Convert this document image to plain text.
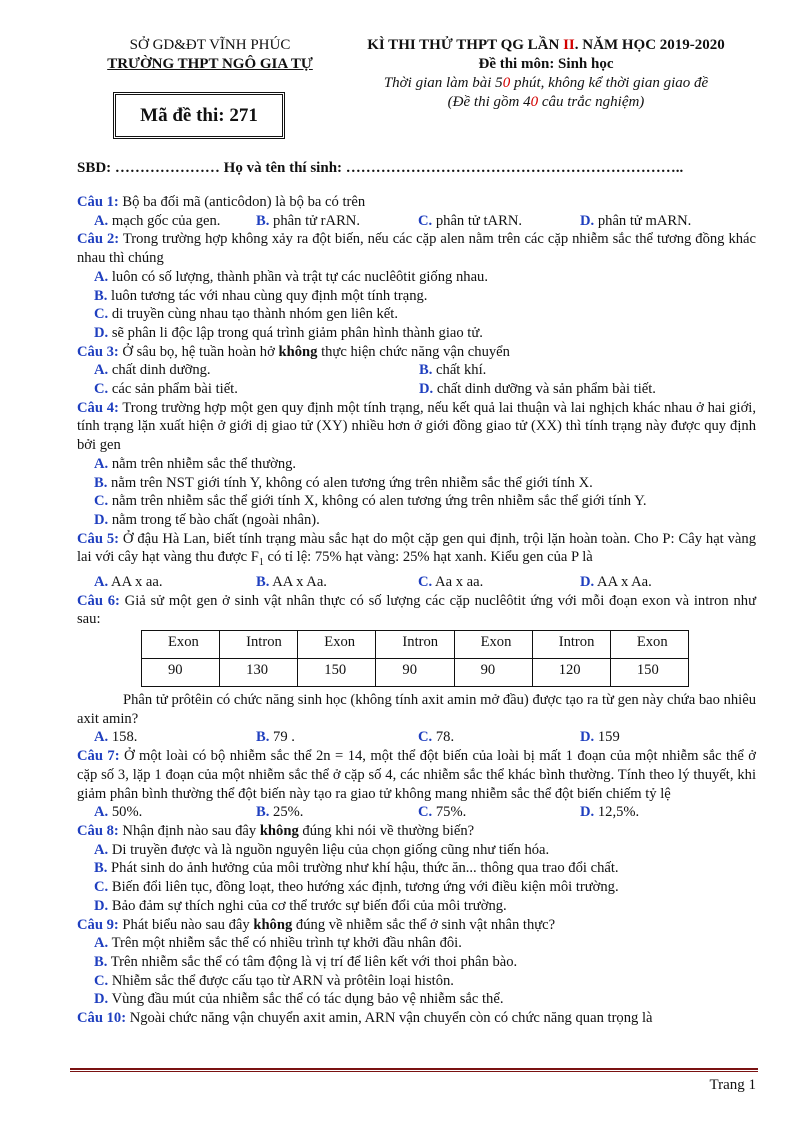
SỞ GD&ĐT VĨNH PHÚC
TRƯỜNG THPT NGÔ GIA TỰ
Mã đề thi: 271
KÌ THI THỬ THPT QG LẦN II. NĂM HỌC 2019-2020
Đề thi môn: Sinh học
Thời gian làm bài 50 phút, không kể thời gian giao đề
(Đề thi gồm 40 câu trắc nghiệm)
SBD: ………………… Họ và tên thí sinh: …………………………………………………………..
Câu 1: Bộ ba đối mã (anticôdon) là bộ ba có trên
A. mạch gốc của gen.	B. phân tử rARN.	C. phân tử tARN.	D. phân tử mARN.
Câu 2: Trong trường hợp không xảy ra đột biến, nếu các cặp alen nằm trên các cặp nhiễm sắc thể tương đồng khác nhau thì chúng
A. luôn có số lượng, thành phần và trật tự các nuclêôtit giống nhau.
B. luôn tương tác với nhau cùng quy định một tính trạng.
C. di truyền cùng nhau tạo thành nhóm gen liên kết.
D. sẽ phân li độc lập trong quá trình giảm phân hình thành giao tử.
Câu 3: Ở sâu bọ, hệ tuần hoàn hở không thực hiện chức năng vận chuyển
A. chất dinh dưỡng.	B. chất khí.
C. các sản phẩm bài tiết.	D. chất dinh dưỡng và sản phẩm bài tiết.
Câu 4: Trong trường hợp một gen quy định một tính trạng, nếu kết quả lai thuận và lai nghịch khác nhau ở hai giới, tính trạng lặn xuất hiện ở giới dị giao tử (XY) nhiều hơn ở giới đồng giao tử (XX) thì tính trạng này được quy định bởi gen
A. nằm trên nhiễm sắc thể thường.
B. nằm trên NST giới tính Y, không có alen tương ứng trên nhiễm sắc thể giới tính X.
C. nằm trên nhiễm sắc thể giới tính X, không có alen tương ứng trên nhiễm sắc thể giới tính Y.
D. nằm trong tế bào chất (ngoài nhân).
Câu 5: Ở đậu Hà Lan, biết tính trạng màu sắc hạt do một cặp gen qui định, trội lặn hoàn toàn. Cho P: Cây hạt vàng lai với cây hạt vàng thu được $F_1$ có tỉ lệ: 75% hạt vàng: 25% hạt xanh. Kiểu gen của P là
A. AA x aa.	B. AA x Aa.	C. Aa x aa.	D. AA x Aa.
Câu 6: Giả sử một gen ở sinh vật nhân thực có số lượng các cặp nuclêôtit ứng với mỗi đoạn exon và intron như sau:
Exon	Intron	Exon	Intron	Exon	Intron	Exon
90	130	150	90	90	120	150
Phân tử prôtêin có chức năng sinh học (không tính axit amin mở đầu) được tạo ra từ gen này chứa bao nhiêu axit amin?
A. 158.	B. 79 .	C. 78.	D. 159
Câu 7: Ở một loài có bộ nhiễm sắc thể 2n = 14, một thể đột biến của loài bị mất 1 đoạn của một nhiễm sắc thể ở cặp số 3, lặp 1 đoạn của một nhiễm sắc thể ở cặp số 4, các nhiễm sắc thể khác bình thường. Tính theo lý thuyết, khi giảm phân bình thường thể đột biến này tạo ra giao tử không mang nhiễm sắc thể đột biến chiếm tỷ lệ
A. 50%.	B. 25%.	C. 75%.	D. 12,5%.
Câu 8: Nhận định nào sau đây không đúng khi nói về thường biến?
A. Di truyền được và là nguồn nguyên liệu của chọn giống cũng như tiến hóa.
B. Phát sinh do ảnh hưởng của môi trường như khí hậu, thức ăn... thông qua trao đổi chất.
C. Biến đổi liên tục, đồng loạt, theo hướng xác định, tương ứng với điều kiện môi trường.
D. Bảo đảm sự thích nghi của cơ thể trước sự biến đổi của môi trường.
Câu 9: Phát biểu nào sau đây không đúng về nhiễm sắc thể ở sinh vật nhân thực?
A. Trên một nhiễm sắc thể có nhiều trình tự khởi đầu nhân đôi.
B. Trên nhiễm sắc thể có tâm động là vị trí để liên kết với thoi phân bào.
C. Nhiễm sắc thể được cấu tạo từ ARN và prôtêin loại histôn.
D. Vùng đầu mút của nhiễm sắc thể có tác dụng bảo vệ nhiễm sắc thể.
Câu 10: Ngoài chức năng vận chuyển axit amin, ARN vận chuyển còn có chức năng quan trọng là
Trang 1
